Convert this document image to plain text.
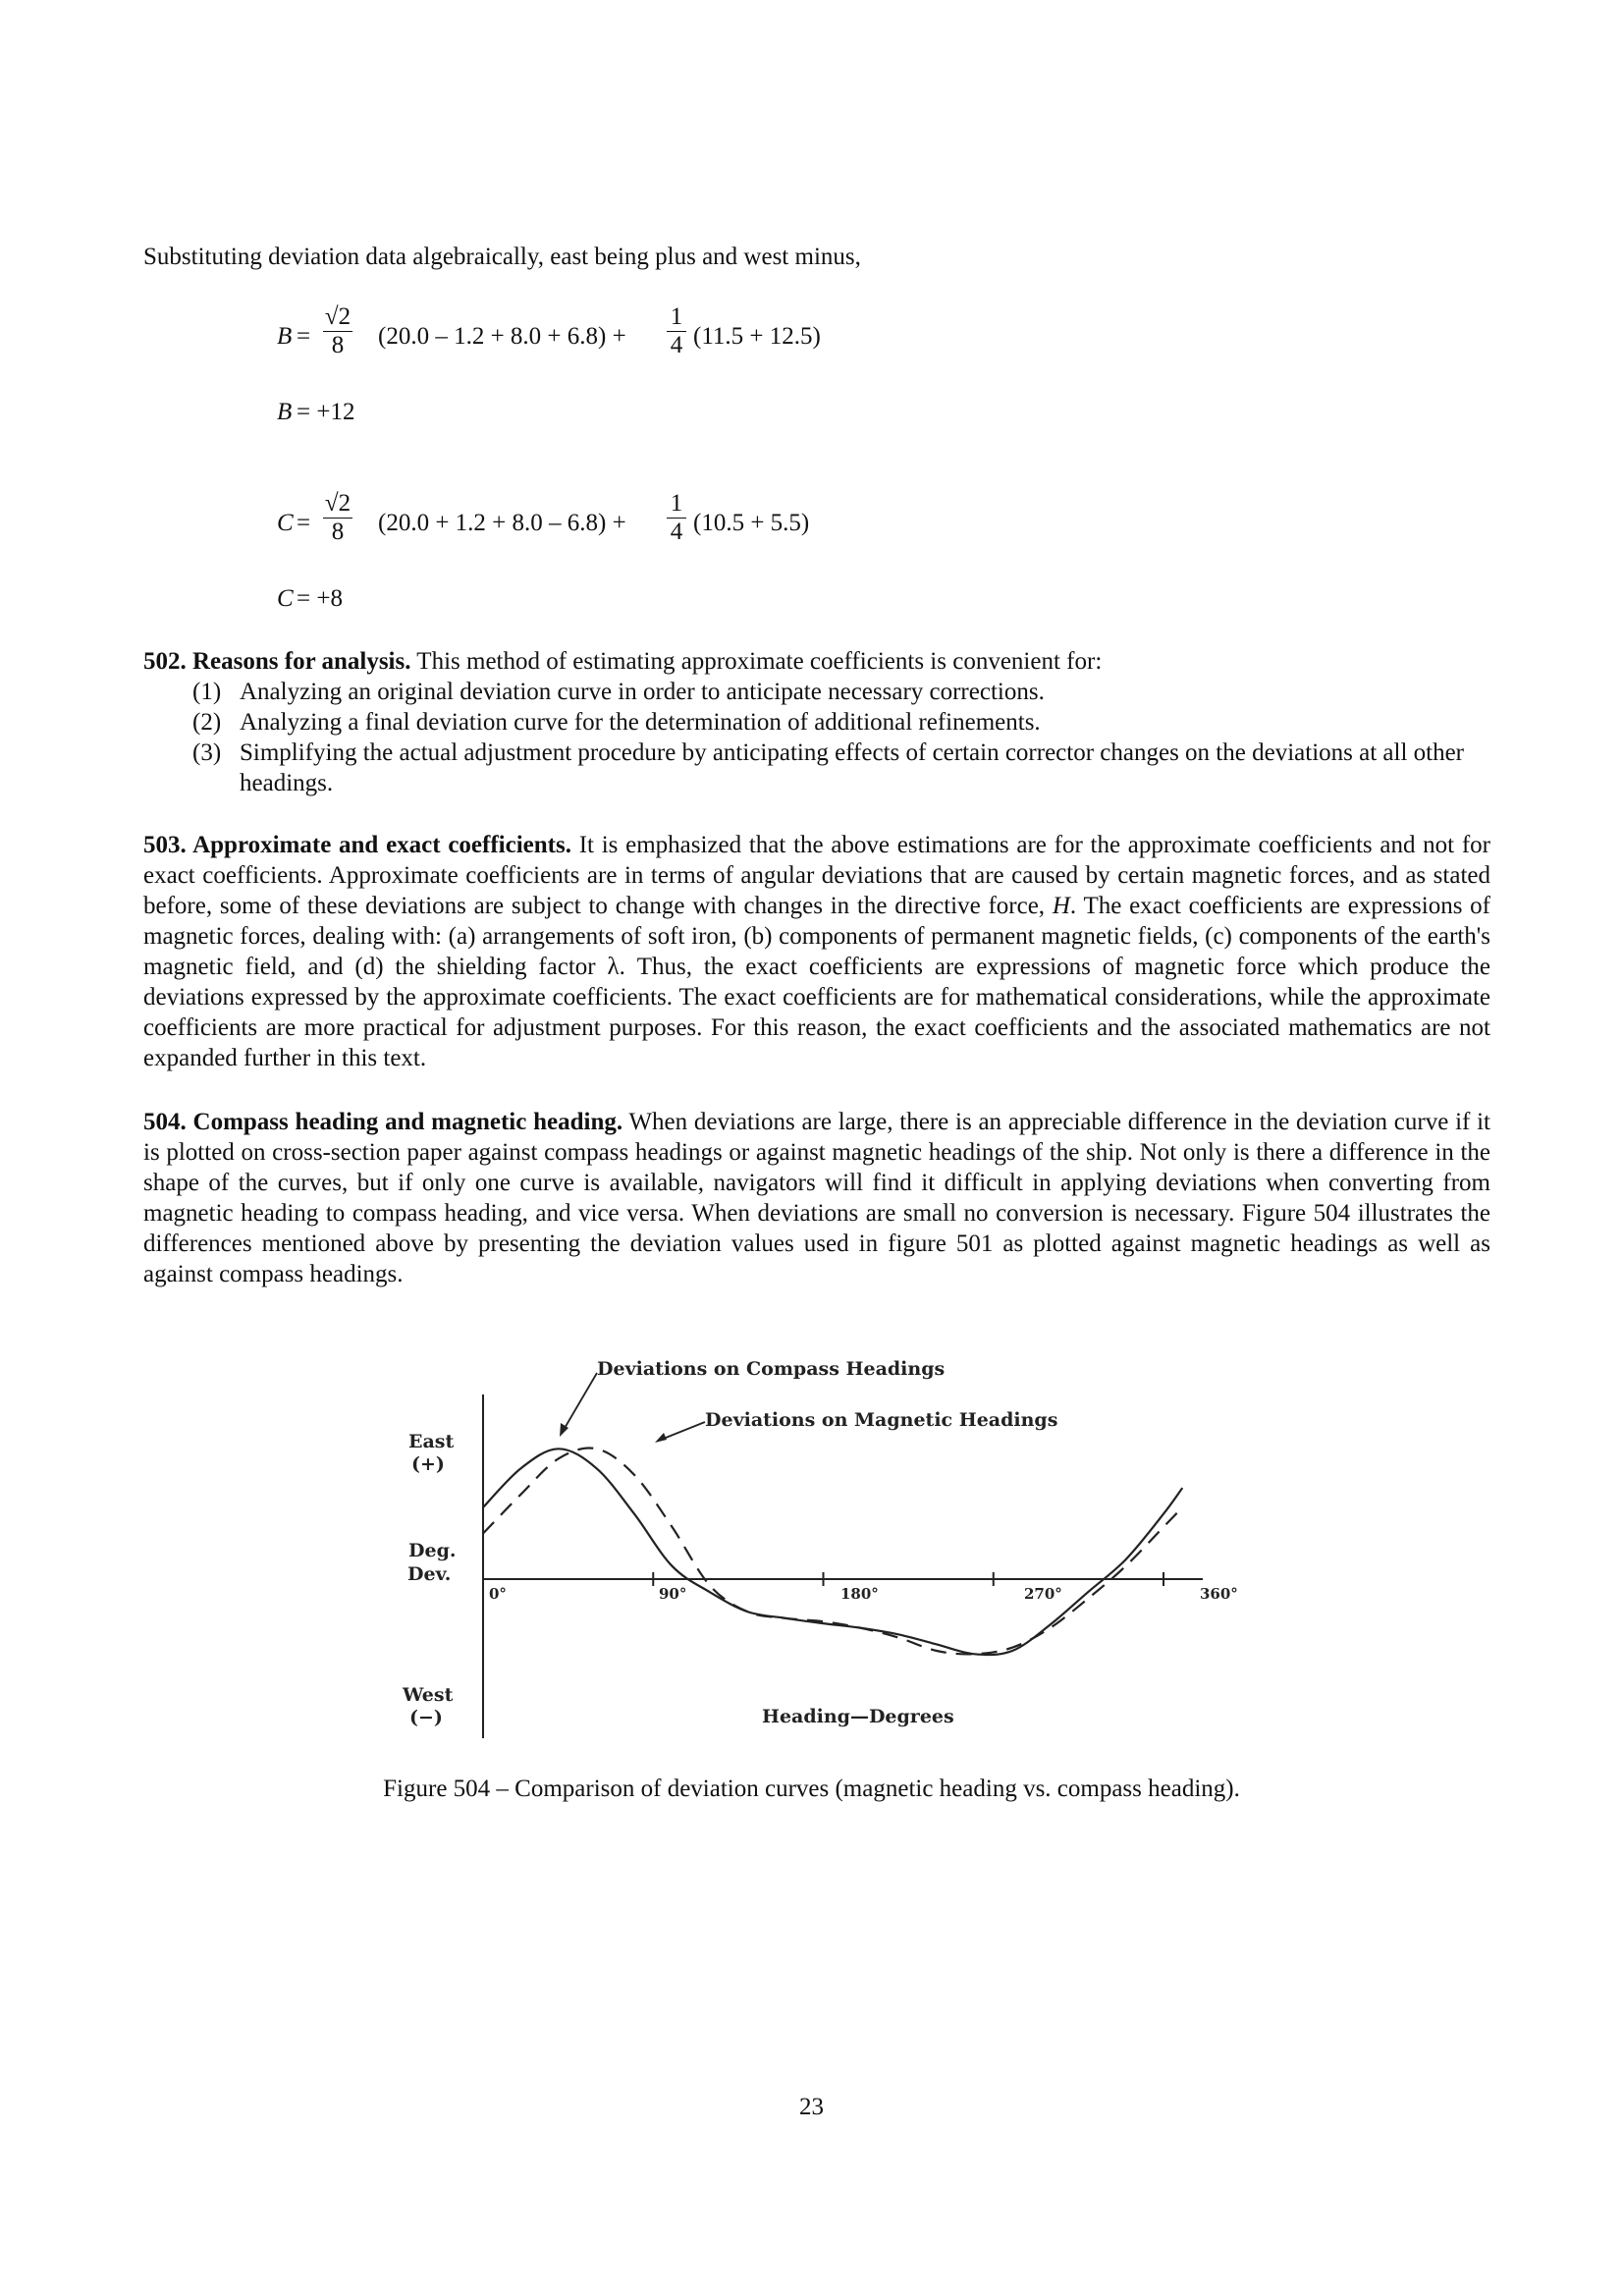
Substituting deviation data algebraically, east being plus and west minus,
$B = \frac{√2}{8} (20.0 - 1.2 + 8.0 + 6.8) + \frac{1}{4} (11.5 + 12.5)$
B = +12
$C = \frac{√2}{8} (20.0 + 1.2 + 8.0 - 6.8) + \frac{1}{4} (10.5 + 5.5)$
C = +8
502. Reasons for analysis. This method of estimating approximate coefficients is convenient for:
(1) Analyzing an original deviation curve in order to anticipate necessary corrections.
(2) Analyzing a final deviation curve for the determination of additional refinements.
(3) Simplifying the actual adjustment procedure by anticipating effects of certain corrector changes on the deviations at all other headings.
503. Approximate and exact coefficients. It is emphasized that the above estimations are for the approximate coefficients and not for exact coefficients. Approximate coefficients are in terms of angular deviations that are caused by certain magnetic forces, and as stated before, some of these deviations are subject to change with changes in the directive force, H. The exact coefficients are expressions of magnetic forces, dealing with: (a) arrangements of soft iron, (b) components of permanent magnetic fields, (c) components of the earth's magnetic field, and (d) the shielding factor λ. Thus, the exact coefficients are expressions of magnetic force which produce the deviations expressed by the approximate coefficients. The exact coefficients are for mathematical considerations, while the approximate coefficients are more practical for adjustment purposes. For this reason, the exact coefficients and the associated mathematics are not expanded further in this text.
504. Compass heading and magnetic heading. When deviations are large, there is an appreciable difference in the deviation curve if it is plotted on cross-section paper against compass headings or against magnetic headings of the ship. Not only is there a difference in the shape of the curves, but if only one curve is available, navigators will find it difficult in applying deviations when converting from magnetic heading to compass heading, and vice versa. When deviations are small no conversion is necessary. Figure 504 illustrates the differences mentioned above by presenting the deviation values used in figure 501 as plotted against magnetic headings as well as against compass headings.
Deviations on Compass Headings
Deviations on Magnetic Headings
East
(+)
Deg.
Dev.
West
(−)	Heading—Degrees
0°	90°	180°	270°	360°
Figure 504 – Comparison of deviation curves (magnetic heading vs. compass heading).
23
